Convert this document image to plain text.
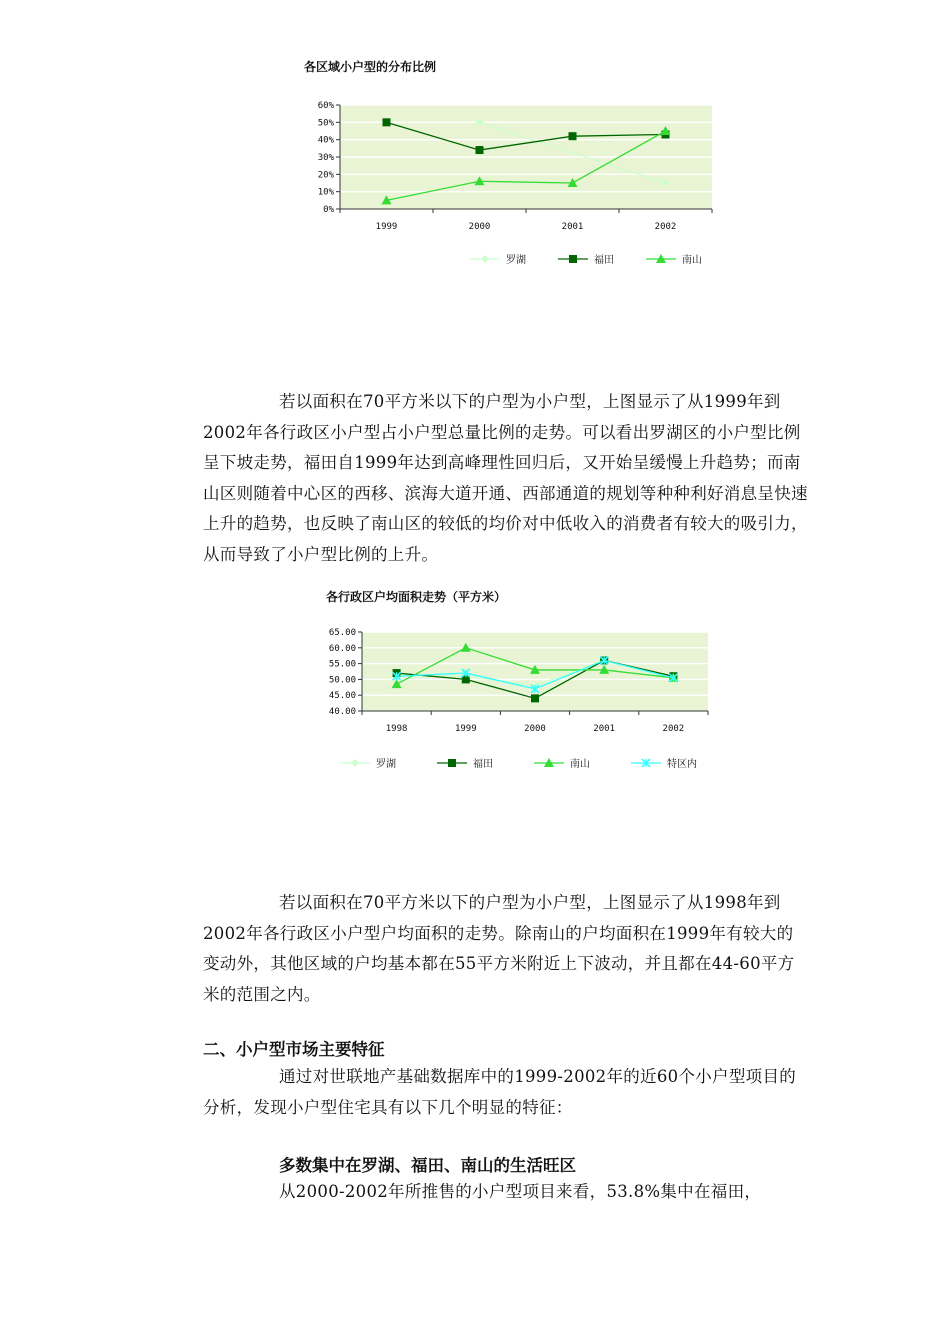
各区域小户型的分布比例
0%
10%
20%
30%
40%
50%
60%
1999	2000	2001	2002
罗湖	福田	南山

若以面积在70平方米以下的户型为小户型，上图显示了从1999年到2002年各行政区小户型占小户型总量比例的走势。可以看出罗湖区的小户型比例呈下坡走势，福田自1999年达到高峰理性回归后，又开始呈缓慢上升趋势；而南山区则随着中心区的西移、滨海大道开通、西部通道的规划等种种利好消息呈快速上升的趋势，也反映了南山区的较低的均价对中低收入的消费者有较大的吸引力，从而导致了小户型比例的上升。

各行政区户均面积走势（平方米）
40.00
45.00
50.00
55.00
60.00
65.00
1998	1999	2000	2001	2002
罗湖	福田	南山	特区内

若以面积在70平方米以下的户型为小户型，上图显示了从1998年到2002年各行政区小户型户均面积的走势。除南山的户均面积在1999年有较大的变动外，其他区域的户均基本都在55平方米附近上下波动，并且都在44-60平方米的范围之内。

二、小户型市场主要特征

通过对世联地产基础数据库中的1999-2002年的近60个小户型项目的分析，发现小户型住宅具有以下几个明显的特征：

多数集中在罗湖、福田、南山的生活旺区

从2000-2002年所推售的小户型项目来看，53.8%集中在福田，
